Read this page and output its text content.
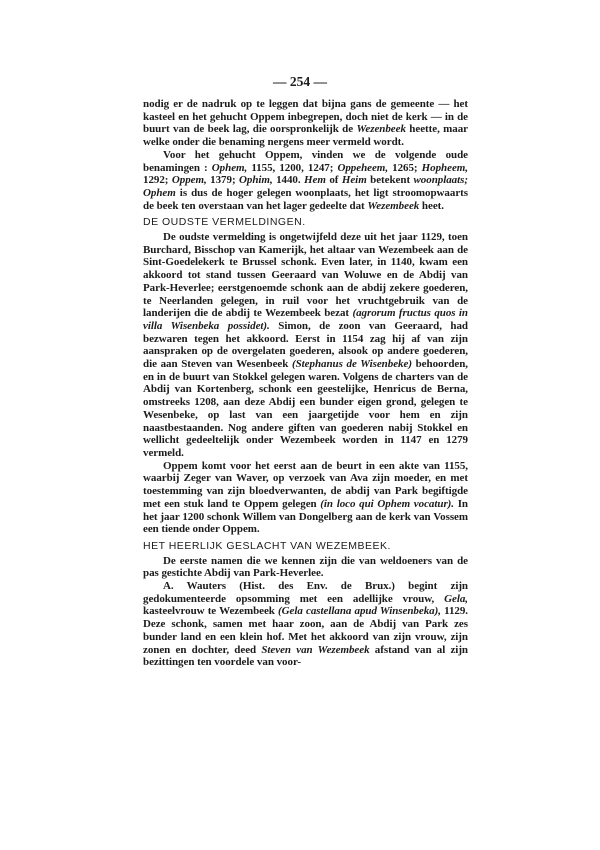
— 254 —

nodig er de nadruk op te leggen dat bijna gans de gemeente — het kasteel en het gehucht Oppem inbegrepen, doch niet de kerk — in de buurt van de beek lag, die oorspronkelijk de Wezenbeek heette, maar welke onder die benaming nergens meer vermeld wordt.

Voor het gehucht Oppem, vinden we de volgende oude benamingen : Ophem, 1155, 1200, 1247; Oppeheem, 1265; Hopheem, 1292; Oppem, 1379; Ophim, 1440. Hem of Heim betekent woonplaats; Ophem is dus de hoger gelegen woonplaats, het ligt stroomopwaarts de beek ten overstaan van het lager gedeelte dat Wezembeek heet.

DE OUDSTE VERMELDINGEN.

De oudste vermelding is ongetwijfeld deze uit het jaar 1129, toen Burchard, Bisschop van Kamerijk, het altaar van Wezembeek aan de Sint-Goedelekerk te Brussel schonk. Even later, in 1140, kwam een akkoord tot stand tussen Geeraard van Woluwe en de Abdij van Park-Heverlee; eerstgenoemde schonk aan de abdij zekere goederen, te Neerlanden gelegen, in ruil voor het vruchtgebruik van de landerijen die de abdij te Wezembeek bezat (agrorum fructus quos in villa Wisenbeka possidet). Simon, de zoon van Geeraard, had bezwaren tegen het akkoord. Eerst in 1154 zag hij af van zijn aanspraken op de overgelaten goederen, alsook op andere goederen, die aan Steven van Wesenbeek (Stephanus de Wisenbeke) behoorden, en in de buurt van Stokkel gelegen waren. Volgens de charters van de Abdij van Kortenberg, schonk een geestelijke, Henricus de Berna, omstreeks 1208, aan deze Abdij een bunder eigen grond, gelegen te Wesenbeke, op last van een jaargetijde voor hem en zijn naastbestaanden. Nog andere giften van goederen nabij Stokkel en wellicht gedeeltelijk onder Wezembeek worden in 1147 en 1279 vermeld.

Oppem komt voor het eerst aan de beurt in een akte van 1155, waarbij Zeger van Waver, op verzoek van Ava zijn moeder, en met toestemming van zijn bloedverwanten, de abdij van Park begiftigde met een stuk land te Oppem gelegen (in loco qui Ophem vocatur). In het jaar 1200 schonk Willem van Dongelberg aan de kerk van Vossem een tiende onder Oppem.

HET HEERLIJK GESLACHT VAN WEZEMBEEK.

De eerste namen die we kennen zijn die van weldoeners van de pas gestichte Abdij van Park-Heverlee.

A. Wauters (Hist. des Env. de Brux.) begint zijn gedokumenteerde opsomming met een adellijke vrouw, Gela, kasteelvrouw te Wezembeek (Gela castellana apud Winsenbeka), 1129. Deze schonk, samen met haar zoon, aan de Abdij van Park zes bunder land en een klein hof. Met het akkoord van zijn vrouw, zijn zonen en dochter, deed Steven van Wezembeek afstand van al zijn bezittingen ten voordele van voor-
